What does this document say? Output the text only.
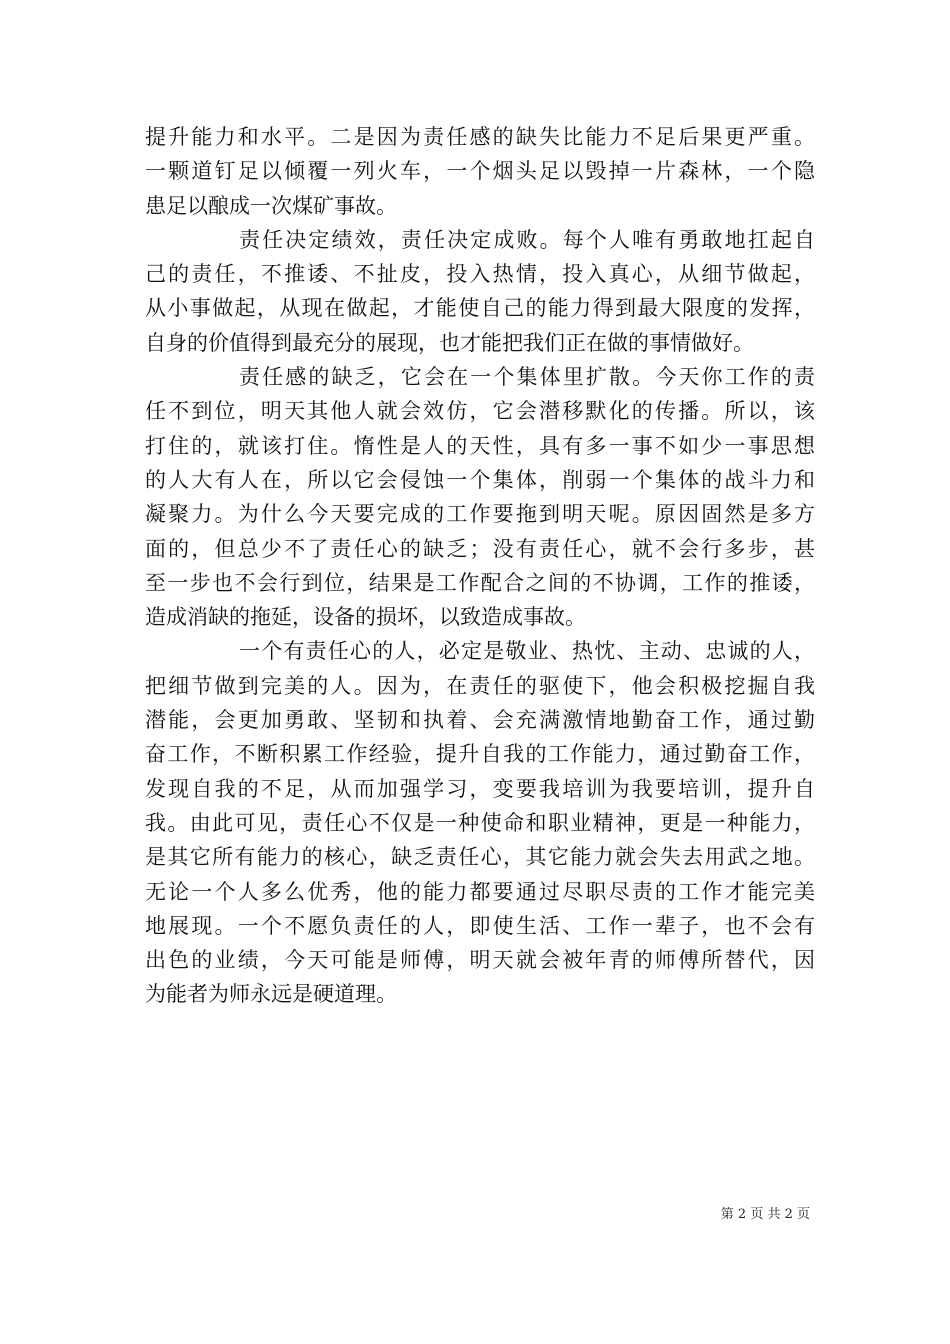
提升能力和水平。二是因为责任感的缺失比能力不足后果更严重。
一颗道钉足以倾覆一列火车，一个烟头足以毁掉一片森林，一个隐
患足以酿成一次煤矿事故。
责任决定绩效，责任决定成败。每个人唯有勇敢地扛起自
己的责任，不推诿、不扯皮，投入热情，投入真心，从细节做起，
从小事做起，从现在做起，才能使自己的能力得到最大限度的发挥，
自身的价值得到最充分的展现，也才能把我们正在做的事情做好。
责任感的缺乏，它会在一个集体里扩散。今天你工作的责
任不到位，明天其他人就会效仿，它会潜移默化的传播。所以，该
打住的，就该打住。惰性是人的天性，具有多一事不如少一事思想
的人大有人在，所以它会侵蚀一个集体，削弱一个集体的战斗力和
凝聚力。为什么今天要完成的工作要拖到明天呢。原因固然是多方
面的，但总少不了责任心的缺乏；没有责任心，就不会行多步，甚
至一步也不会行到位，结果是工作配合之间的不协调，工作的推诿，
造成消缺的拖延，设备的损坏，以致造成事故。
一个有责任心的人，必定是敬业、热忱、主动、忠诚的人，
把细节做到完美的人。因为，在责任的驱使下，他会积极挖掘自我
潜能，会更加勇敢、坚韧和执着、会充满激情地勤奋工作，通过勤
奋工作，不断积累工作经验，提升自我的工作能力，通过勤奋工作，
发现自我的不足，从而加强学习，变要我培训为我要培训，提升自
我。由此可见，责任心不仅是一种使命和职业精神，更是一种能力，
是其它所有能力的核心，缺乏责任心，其它能力就会失去用武之地。
无论一个人多么优秀，他的能力都要通过尽职尽责的工作才能完美
地展现。一个不愿负责任的人，即使生活、工作一辈子，也不会有
出色的业绩，今天可能是师傅，明天就会被年青的师傅所替代，因
为能者为师永远是硬道理。
第 2 页 共 2 页
